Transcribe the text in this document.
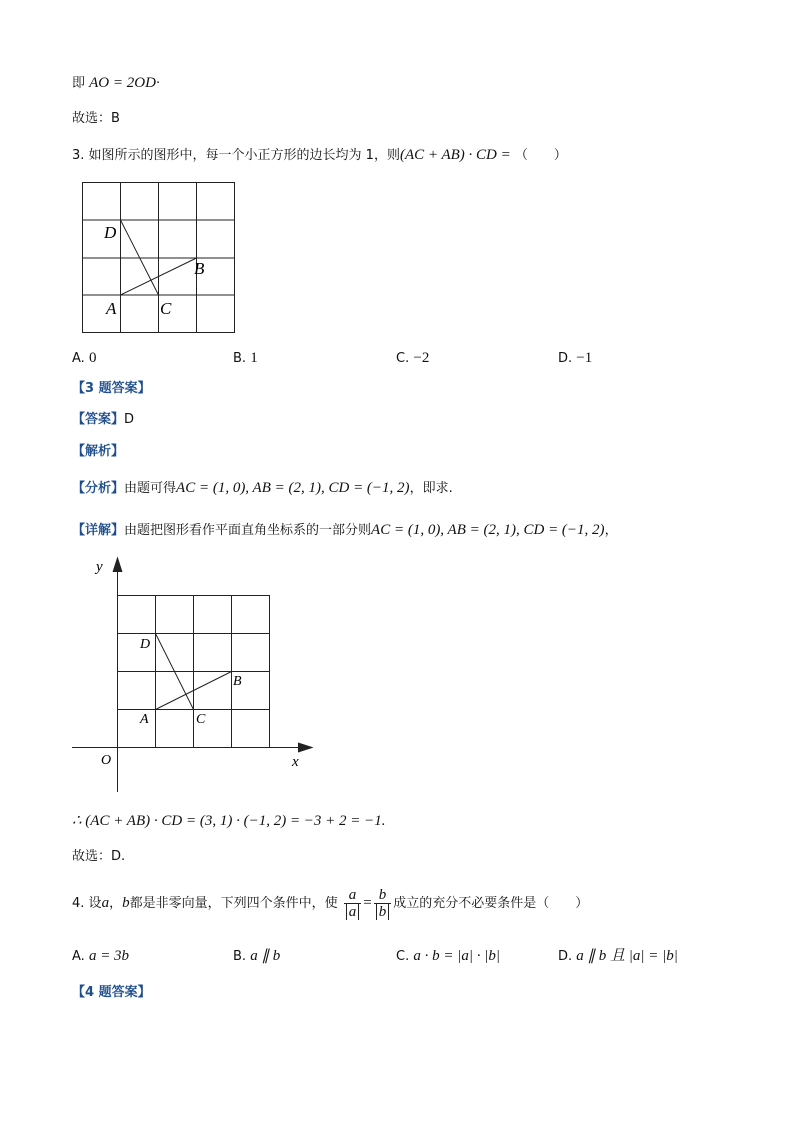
即 AO = 2OD·
故选：B
3. 如图所示的图形中，每一个小正方形的边长均为 1，则(AC + AB) · CD = （　　）
D
B
A	C
A. 0	B. 1	C. −2	D. −1
【3 题答案】
【答案】D
【解析】
【分析】由题可得AC = (1, 0), AB = (2, 1), CD = (−1, 2)，即求.
【详解】由题把图形看作平面直角坐标系的一部分则AC = (1, 0), AB = (2, 1), CD = (−1, 2)，
y
x
O
D
B
A	C
∴ (AC + AB) · CD = (3, 1) · (−1, 2) = −3 + 2 = −1.
故选：D.
4. 设a，b都是非零向量，下列四个条件中，使 $\frac{a}{a} = \frac{b}{b}$ 成立的充分不必要条件是（　　）
A. a = 3b	B. a ∥ b	C. a · b = |a| · |b|	D. a ∥ b 且 |a| = |b|
【4 题答案】
